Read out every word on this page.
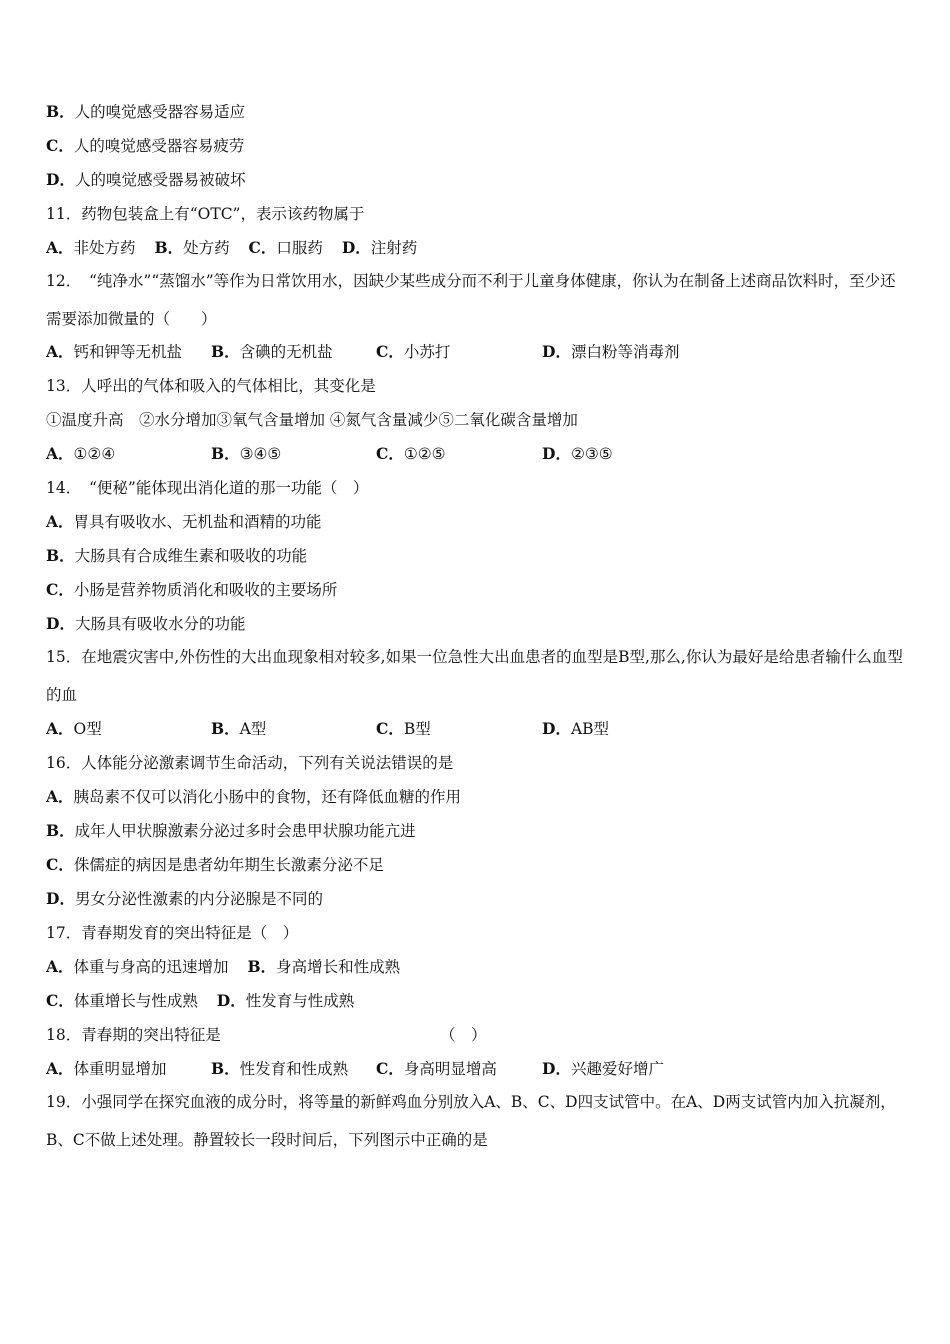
B．人的嗅觉感受器容易适应
C．人的嗅觉感受器容易疲劳
D．人的嗅觉感受器易被破坏
11．药物包装盒上有“OTC”，表示该药物属于
A．非处方药 B．处方药 C．口服药 D．注射药
12．　“纯净水”“蒸馏水”等作为日常饮用水，因缺少某些成分而不利于儿童身体健康，你认为在制备上述商品饮料时，至少还需要添加微量的（　　）
A．钙和钾等无机盐 B．含碘的无机盐	C．小苏打	D．漂白粉等消毒剂
13．人呼出的气体和吸入的气体相比，其变化是
①温度升高　②水分增加③氧气含量增加 ④氮气含量减少⑤二氧化碳含量增加
A．①②④	B．③④⑤	C．①②⑤	D．②③⑤
14．　“便秘”能体现出消化道的那一功能（　）
A．胃具有吸收水、无机盐和酒精的功能
B．大肠具有合成维生素和吸收的功能
C．小肠是营养物质消化和吸收的主要场所
D．大肠具有吸收水分的功能
15．在地震灾害中,外伤性的大出血现象相对较多,如果一位急性大出血患者的血型是B型,那么,你认为最好是给患者输什么血型的血
A．O型	B．A型	C．B型	D．AB型
16．人体能分泌激素调节生命活动，下列有关说法错误的是
A．胰岛素不仅可以消化小肠中的食物，还有降低血糖的作用
B．成年人甲状腺激素分泌过多时会患甲状腺功能亢进
C．侏儒症的病因是患者幼年期生长激素分泌不足
D．男女分泌性激素的内分泌腺是不同的
17．青春期发育的突出特征是（　）
A．体重与身高的迅速增加 B．身高增长和性成熟
C．体重增长与性成熟 D．性发育与性成熟
18．青春期的突出特征是	（　）
A．体重明显增加	B．性发育和性成熟 C．身高明显增高	D．兴趣爱好增广
19．小强同学在探究血液的成分时，将等量的新鲜鸡血分别放入A、B、C、D四支试管中。在A、D两支试管内加入抗凝剂，B、C不做上述处理。静置较长一段时间后，下列图示中正确的是
